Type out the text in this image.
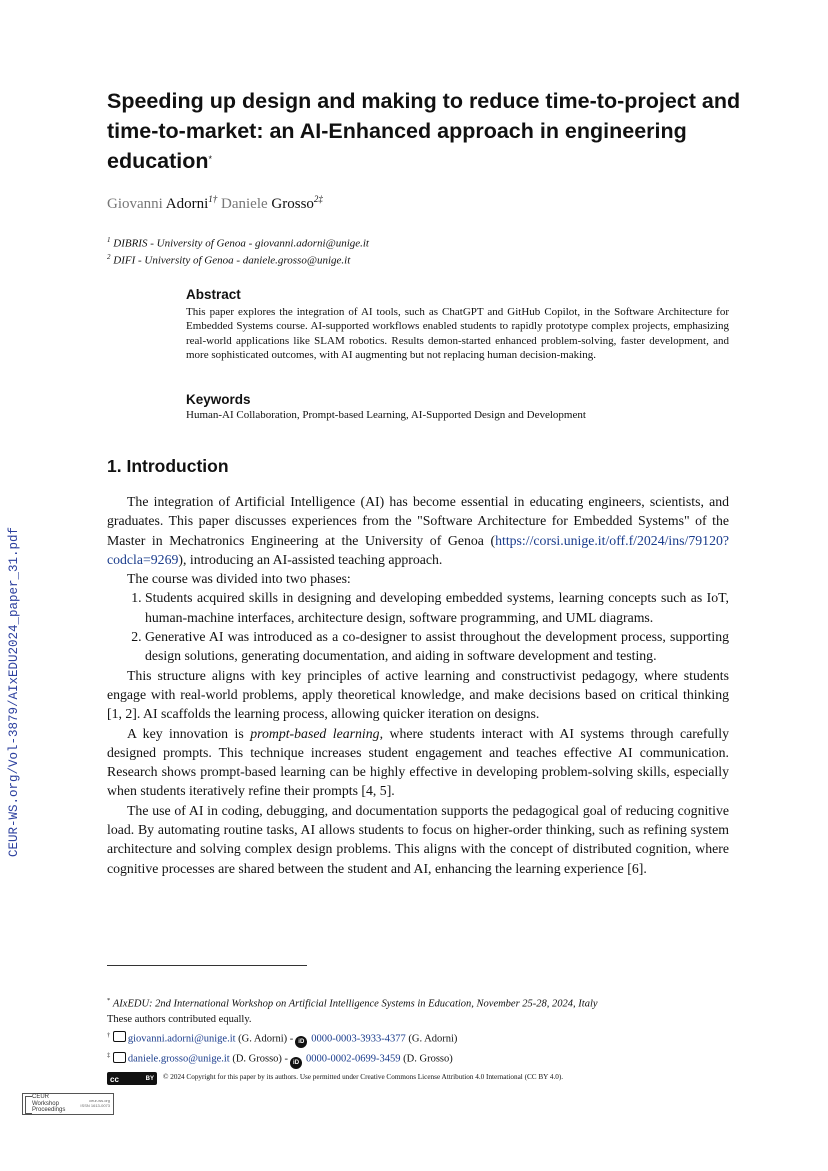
Speeding up design and making to reduce time-to-project and time-to-market: an AI-Enhanced approach in engineering education*
Giovanni Adorni$^{1\dagger}$ Daniele Grosso$^{2\ddagger}$
$^1$ DIBRIS - University of Genoa - giovanni.adorni@unige.it
$^2$ DIFI - University of Genoa - daniele.grosso@unige.it
Abstract
This paper explores the integration of AI tools, such as ChatGPT and GitHub Copilot, in the Software Architecture for Embedded Systems course. AI-supported workflows enabled students to rapidly prototype complex projects, emphasizing real-world applications like SLAM robotics. Results demon-started enhanced problem-solving, faster development, and more sophisticated outcomes, with AI augmenting but not replacing human decision-making.
Keywords
Human-AI Collaboration, Prompt-based Learning, AI-Supported Design and Development
1. Introduction

The integration of Artificial Intelligence (AI) has become essential in educating engineers, scientists, and graduates. This paper discusses experiences from the "Software Architecture for Embedded Systems" of the Master in Mechatronics Engineering at the University of Genoa (https://corsi.unige.it/off.f/2024/ins/79120?codcla=9269), introducing an AI-assisted teaching approach.

The course was divided into two phases:

1. Students acquired skills in designing and developing embedded systems, learning concepts such as IoT, human-machine interfaces, architecture design, software programming, and UML diagrams.
2. Generative AI was introduced as a co-designer to assist throughout the development process, supporting design solutions, generating documentation, and aiding in software development and testing.

This structure aligns with key principles of active learning and constructivist pedagogy, where students engage with real-world problems, apply theoretical knowledge, and make decisions based on critical thinking [1, 2]. AI scaffolds the learning process, allowing quicker iteration on designs.

A key innovation is prompt-based learning, where students interact with AI systems through carefully designed prompts. This technique increases student engagement and teaches effective AI communication. Research shows prompt-based learning can be highly effective in developing problem-solving skills, especially when students iteratively refine their prompts [4, 5].

The use of AI in coding, debugging, and documentation supports the pedagogical goal of reducing cognitive load. By automating routine tasks, AI allows students to focus on higher-order thinking, such as refining system architecture and solving complex design problems. This aligns with the concept of distributed cognition, where cognitive processes are shared between the student and AI, enhancing the learning experience [6].

CEUR-WS.org/Vol-3879/AIxEDU2024_paper_31.pdf
* AIxEDU: 2nd International Workshop on Artificial Intelligence Systems in Education, November 25-28, 2024, Italy
These authors contributed equally.
† giovanni.adorni@unige.it (G. Adorni) - iD 0000-0003-3933-4377 (G. Adorni)
‡ daniele.grosso@unige.it (D. Grosso) - iD 0000-0002-0699-3459 (D. Grosso)
cc	BY © 2024 Copyright for this paper by its authors. Use permitted under Creative Commons License Attribution 4.0 International (CC BY 4.0).
CEUR
Workshop
Proceedings
ceur-ws.org
ISSN 1613-0073
